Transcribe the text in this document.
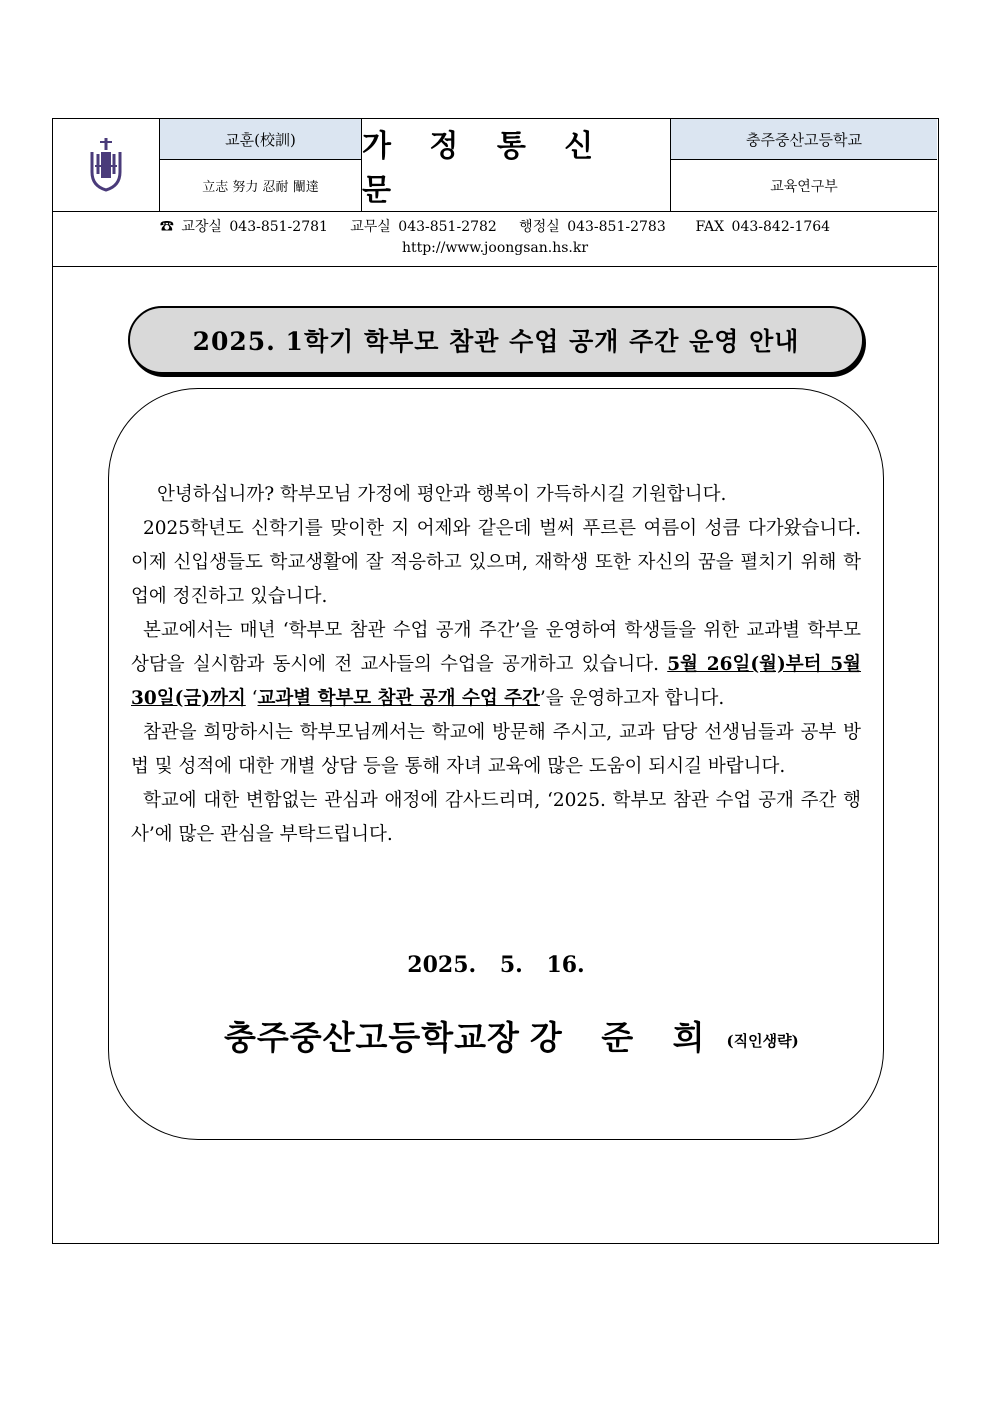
교훈(校訓)
立志 努力 忍耐 闡達
가 정 통 신 문
충주중산고등학교
교육연구부
☎ 교장실 043-851-2781   교무실 043-851-2782   행정실 043-851-2783    FAX 043-842-1764
http://www.joongsan.hs.kr
2025. 1학기 학부모 참관 수업 공개 주간 운영 안내

안녕하십니까? 학부모님 가정에 평안과 행복이 가득하시길 기원합니다.

2025학년도 신학기를 맞이한 지 어제와 같은데 벌써 푸르른 여름이 성큼 다가왔습니다. 이제 신입생들도 학교생활에 잘 적응하고 있으며, 재학생 또한 자신의 꿈을 펼치기 위해 학업에 정진하고 있습니다.

본교에서는 매년 ‘학부모 참관 수업 공개 주간’을 운영하여 학생들을 위한 교과별 학부모 상담을 실시함과 동시에 전 교사들의 수업을 공개하고 있습니다. 5월 26일(월)부터 5월 30일(금)까지 ‘교과별 학부모 참관 공개 수업 주간’을 운영하고자 합니다.

참관을 희망하시는 학부모님께서는 학교에 방문해 주시고, 교과 담당 선생님들과 공부 방법 및 성적에 대한 개별 상담 등을 통해 자녀 교육에 많은 도움이 되시길 바랍니다.

학교에 대한 변함없는 관심과 애정에 감사드리며, ‘2025. 학부모 참관 수업 공개 주간 행사’에 많은 관심을 부탁드립니다.

2025. 5. 16.
충주중산고등학교장 강 준 희 (직인생략)
